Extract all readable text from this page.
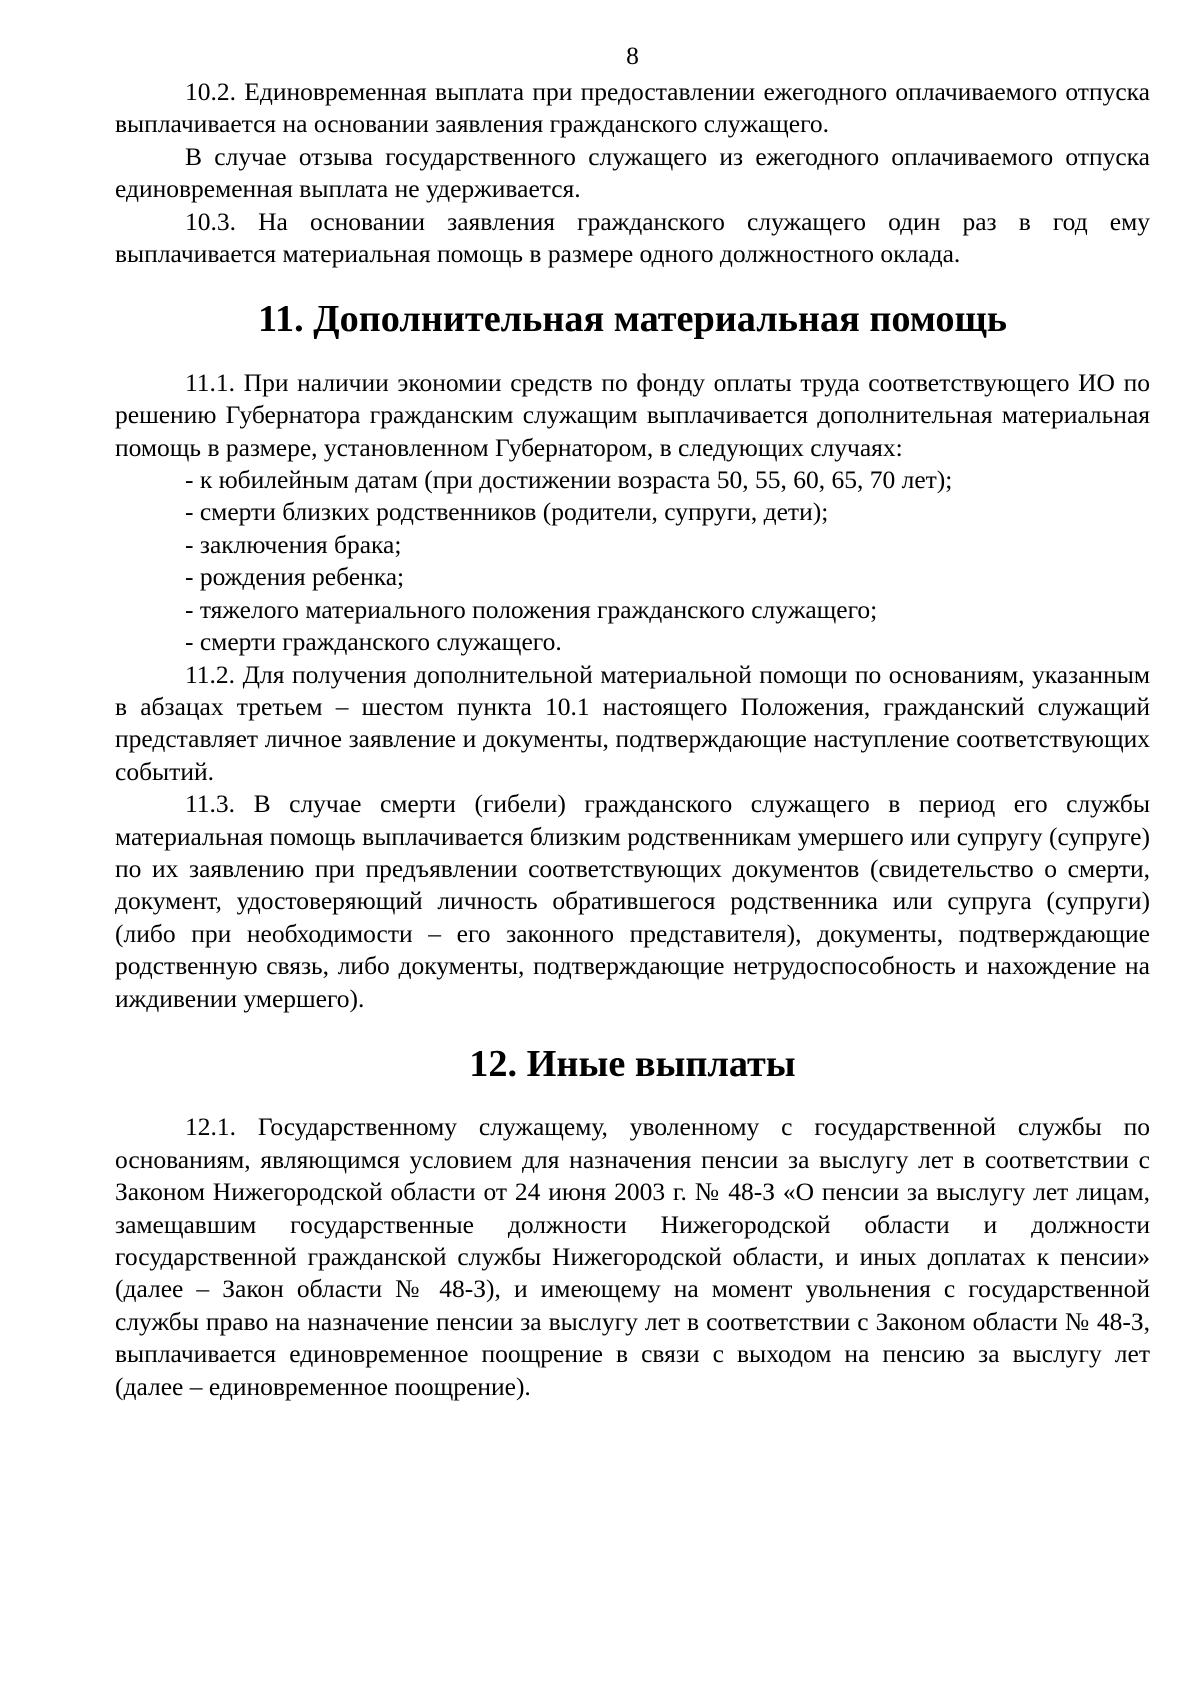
8

10.2. Единовременная выплата при предоставлении ежегодного оплачиваемого отпуска выплачивается на основании заявления гражданского служащего.

В случае отзыва государственного служащего из ежегодного оплачиваемого отпуска единовременная выплата не удерживается.

10.3. На основании заявления гражданского служащего один раз в год ему выплачивается материальная помощь в размере одного должностного оклада.

11. Дополнительная материальная помощь

11.1. При наличии экономии средств по фонду оплаты труда соответствующего ИО по решению Губернатора гражданским служащим выплачивается дополнительная материальная помощь в размере, установленном Губернатором, в следующих случаях:

- к юбилейным датам (при достижении возраста 50, 55, 60, 65, 70 лет);

- смерти близких родственников (родители, супруги, дети);

- заключения брака;

- рождения ребенка;

- тяжелого материального положения гражданского служащего;

- смерти гражданского служащего.

11.2. Для получения дополнительной материальной помощи по основаниям, указанным в абзацах третьем – шестом пункта 10.1 настоящего Положения, гражданский служащий представляет личное заявление и документы, подтверждающие наступление соответствующих событий.

11.3. В случае смерти (гибели) гражданского служащего в период его службы материальная помощь выплачивается близким родственникам умершего или супругу (супруге) по их заявлению при предъявлении соответствующих документов (свидетельство о смерти, документ, удостоверяющий личность обратившегося родственника или супруга (супруги) (либо при необходимости – его законного представителя), документы, подтверждающие родственную связь, либо документы, подтверждающие нетрудоспособность и нахождение на иждивении умершего).

12. Иные выплаты

12.1. Государственному служащему, уволенному с государственной службы по основаниям, являющимся условием для назначения пенсии за выслугу лет в соответствии с Законом Нижегородской области от 24 июня 2003 г. № 48-З «О пенсии за выслугу лет лицам, замещавшим государственные должности Нижегородской области и должности государственной гражданской службы Нижегородской области, и иных доплатах к пенсии» (далее – Закон области № 48-З), и имеющему на момент увольнения с государственной службы право на назначение пенсии за выслугу лет в соответствии с Законом области № 48-З, выплачивается единовременное поощрение в связи с выходом на пенсию за выслугу лет (далее – единовременное поощрение).
